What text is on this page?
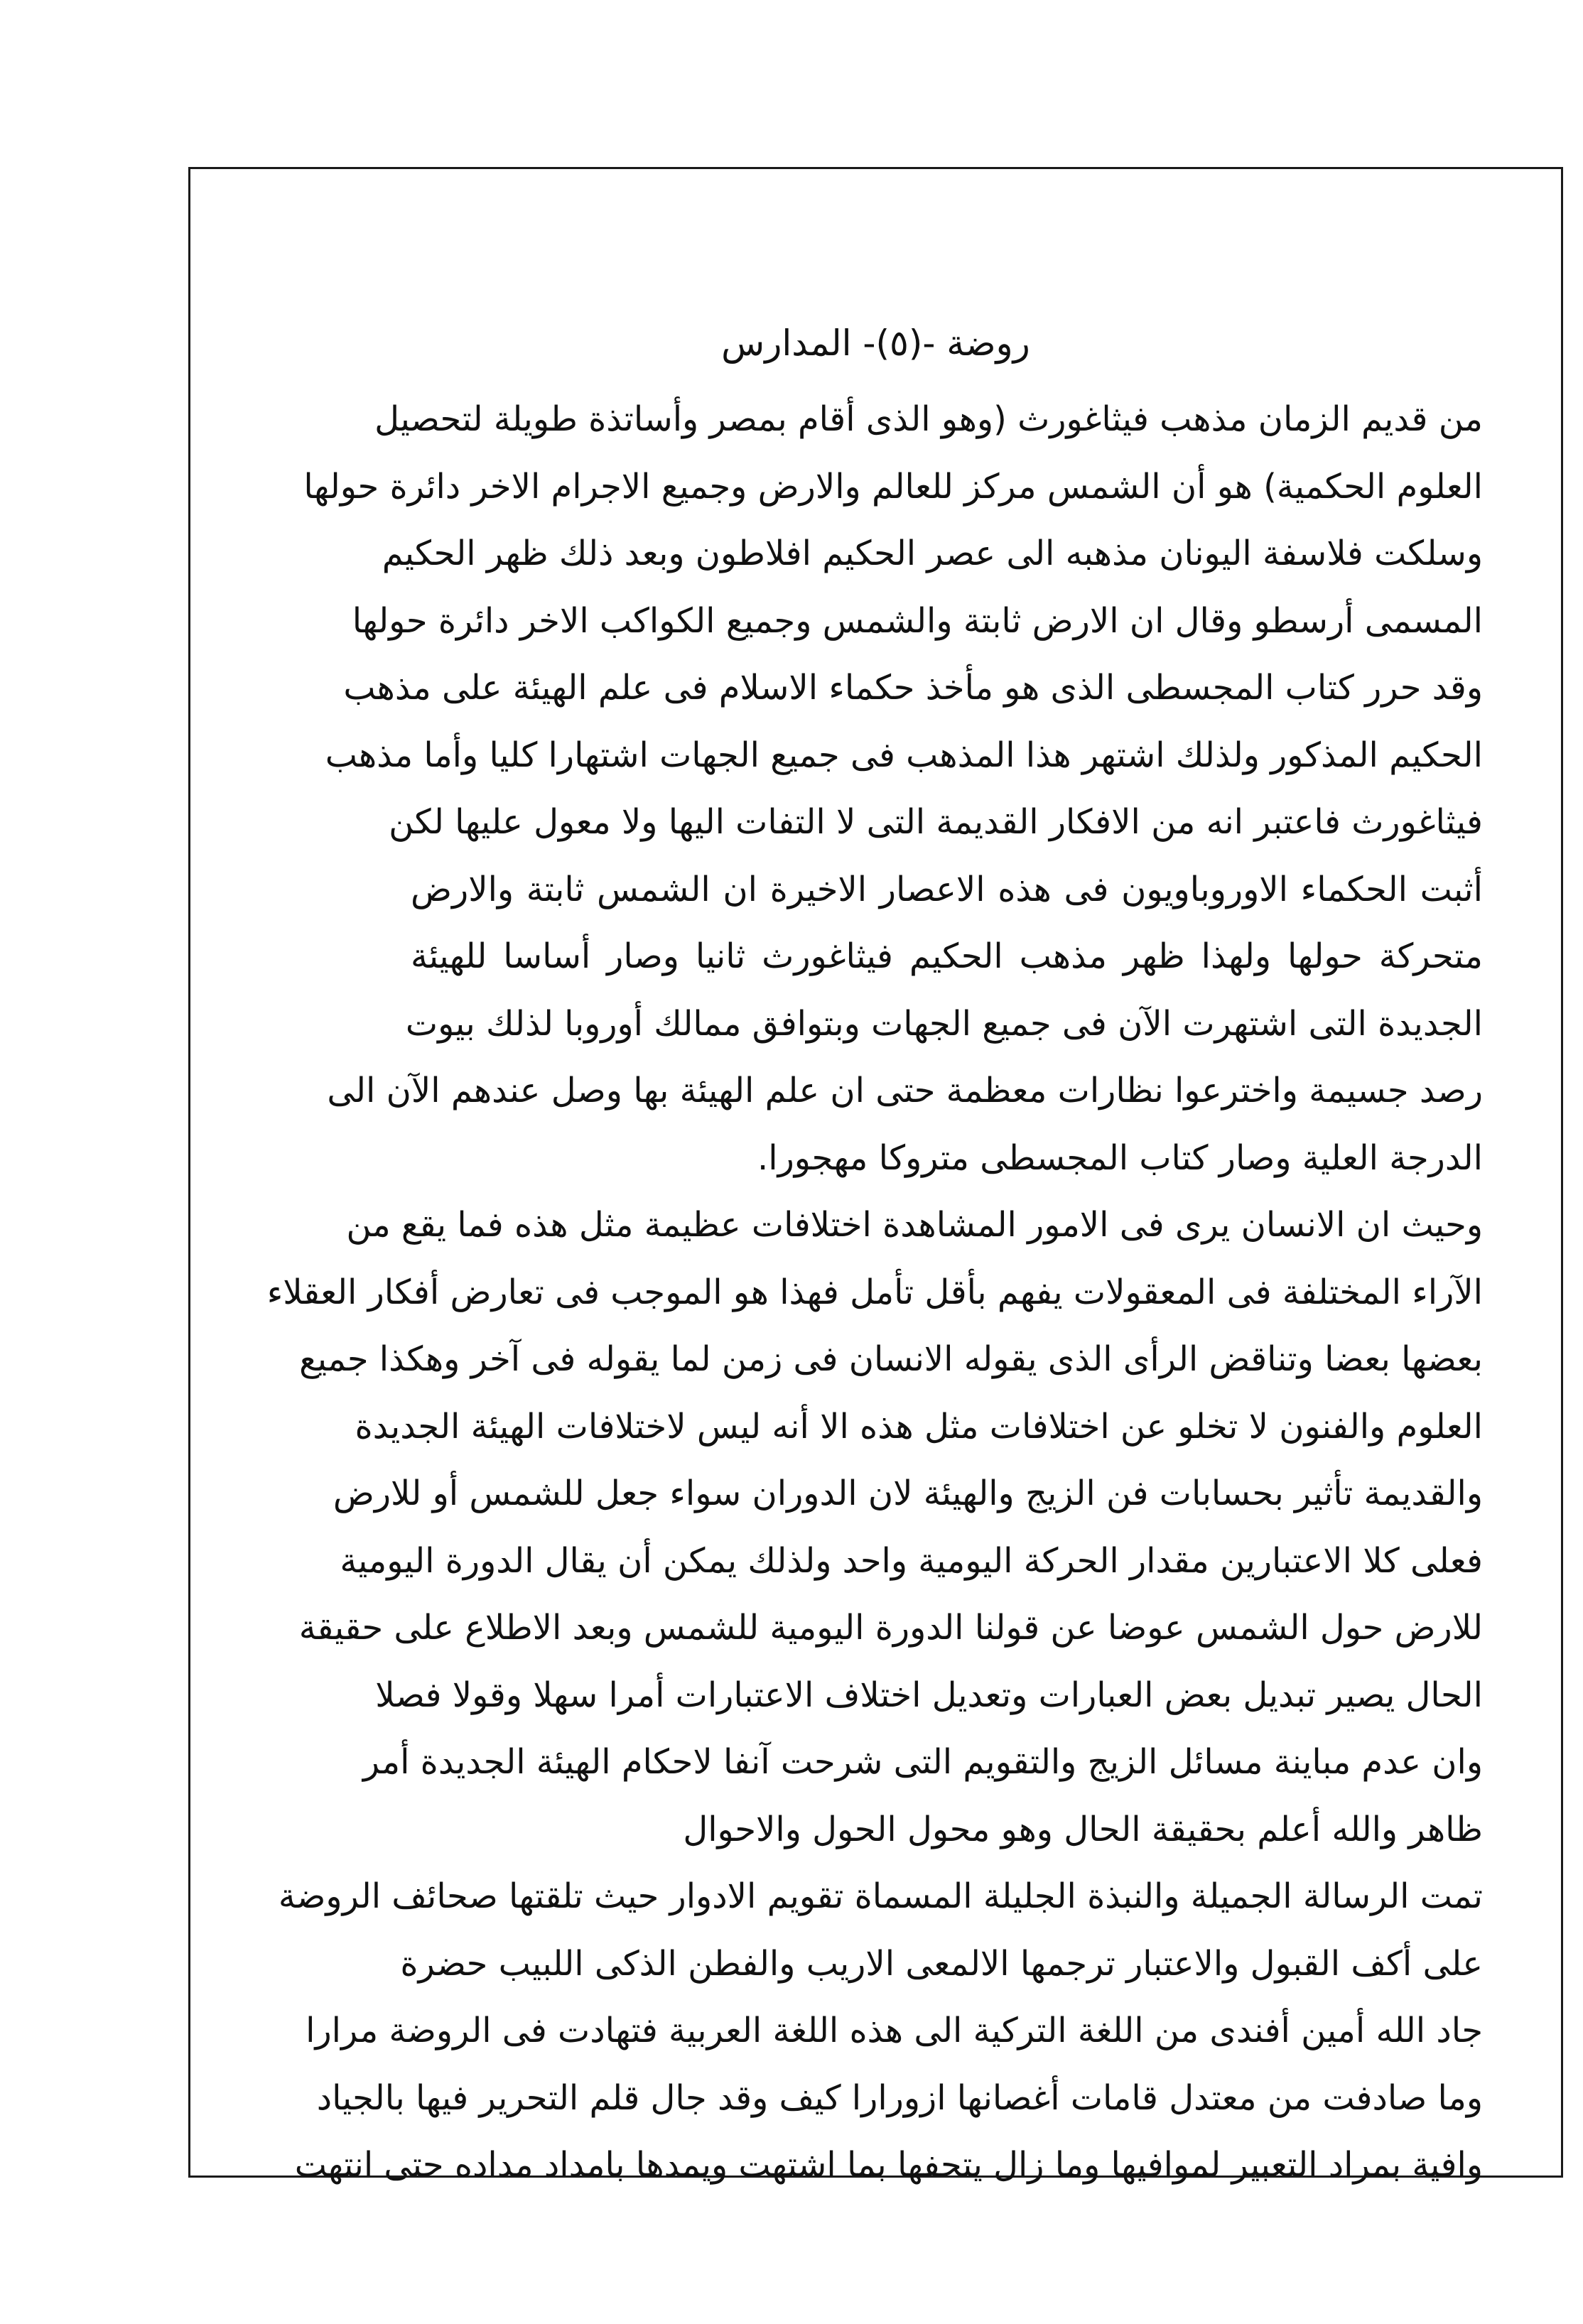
روضة -(٥)- المدارس
من قديم الزمان مذهب فيثاغورث (وهو الذى أقام بمصر وأساتذة طويلة لتحصيل
العلوم الحكمية) هو أن الشمس مركز للعالم والارض وجميع الاجرام الاخر دائرة حولها
وسلكت فلاسفة اليونان مذهبه الى عصر الحكيم افلاطون وبعد ذلك ظهر الحكيم
المسمى أرسطو وقال ان الارض ثابتة والشمس وجميع الكواكب الاخر دائرة حولها
وقد حرر كتاب المجسطى الذى هو مأخذ حكماء الاسلام فى علم الهيئة على مذهب
الحكيم المذكور ولذلك اشتهر هذا المذهب فى جميع الجهات اشتهارا كليا وأما مذهب
فيثاغورث فاعتبر انه من الافكار القديمة التى لا التفات اليها ولا معول عليها لكن
أثبت الحكماء الاوروباويون فى هذه الاعصار الاخيرة ان الشمس ثابتة والارض
متحركة حولها ولهذا ظهر مذهب الحكيم فيثاغورث ثانيا وصار أساسا للهيئة
الجديدة التى اشتهرت الآن فى جميع الجهات وبتوافق ممالك أوروبا لذلك بيوت
رصد جسيمة واخترعوا نظارات معظمة حتى ان علم الهيئة بها وصل عندهم الآن الى
الدرجة العلية وصار كتاب المجسطى متروكا مهجورا.
وحيث ان الانسان يرى فى الامور المشاهدة اختلافات عظيمة مثل هذه فما يقع من
الآراء المختلفة فى المعقولات يفهم بأقل تأمل فهذا هو الموجب فى تعارض أفكار العقلاء
بعضها بعضا وتناقض الرأى الذى يقوله الانسان فى زمن لما يقوله فى آخر وهكذا جميع
العلوم والفنون لا تخلو عن اختلافات مثل هذه الا أنه ليس لاختلافات الهيئة الجديدة
والقديمة تأثير بحسابات فن الزيج والهيئة لان الدوران سواء جعل للشمس أو للارض
فعلى كلا الاعتبارين مقدار الحركة اليومية واحد ولذلك يمكن أن يقال الدورة اليومية
للارض حول الشمس عوضا عن قولنا الدورة اليومية للشمس وبعد الاطلاع على حقيقة
الحال يصير تبديل بعض العبارات وتعديل اختلاف الاعتبارات أمرا سهلا وقولا فصلا
وان عدم مباينة مسائل الزيج والتقويم التى شرحت آنفا لاحكام الهيئة الجديدة أمر
ظاهر والله أعلم بحقيقة الحال وهو محول الحول والاحوال
تمت الرسالة الجميلة والنبذة الجليلة المسماة تقويم الادوار حيث تلقتها صحائف الروضة
على أكف القبول والاعتبار ترجمها الالمعى الاريب والفطن الذكى اللبيب حضرة
جاد الله أمين أفندى من اللغة التركية الى هذه اللغة العربية فتهادت فى الروضة مرارا
وما صادفت من معتدل قامات أغصانها ازورارا كيف وقد جال قلم التحرير فيها بالجياد
وافية بمراد التعبير لموافيها وما زال يتحفها بما اشتهت ويمدها بامداد مداده حتى انتهت
